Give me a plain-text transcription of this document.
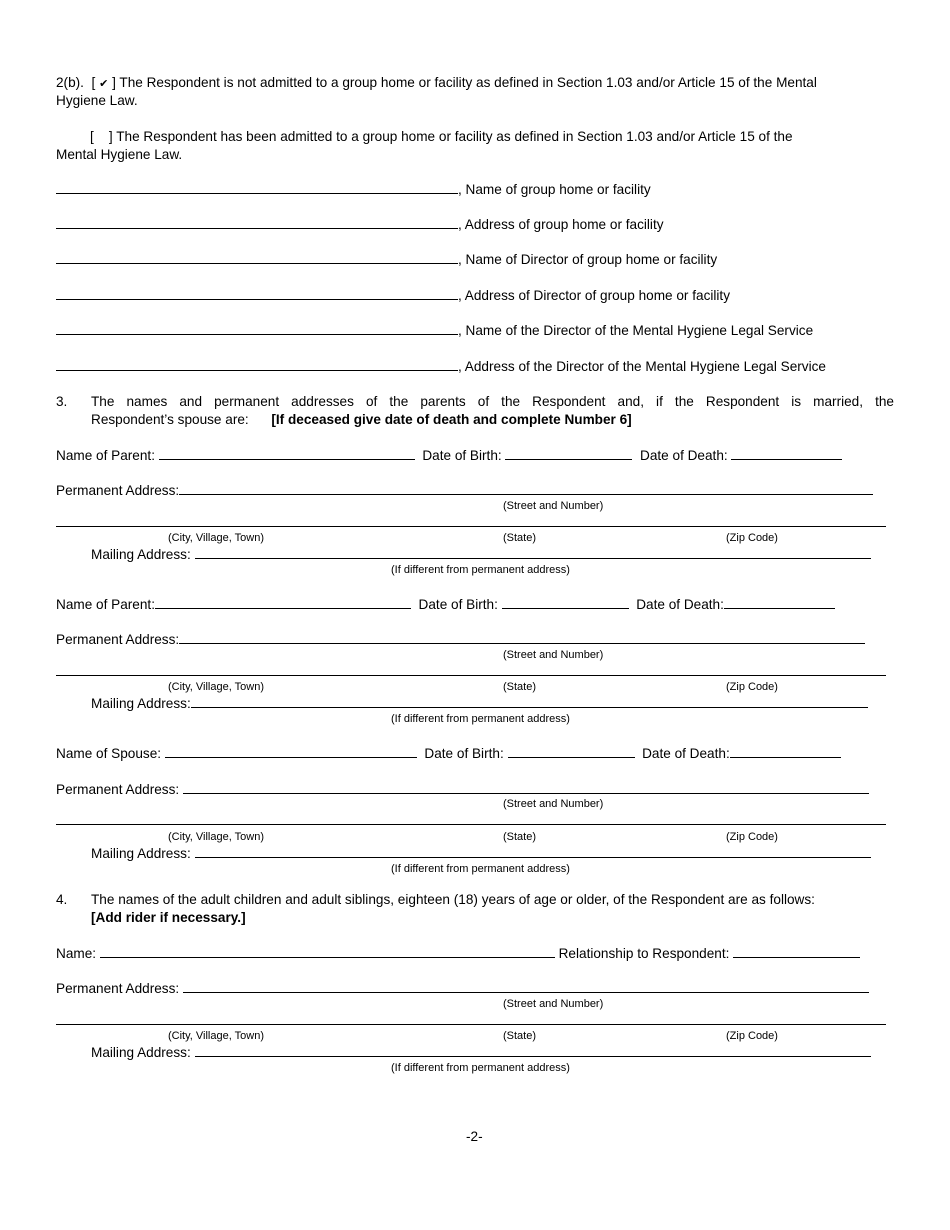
2(b). [ ✔ ] The Respondent is not admitted to a group home or facility as defined in Section 1.03 and/or Article 15 of the Mental
Hygiene Law.
[    ] The Respondent has been admitted to a group home or facility as defined in Section 1.03 and/or Article 15 of the
Mental Hygiene Law.
, Name of group home or facility
, Address of group home or facility
, Name of Director of group home or facility
, Address of Director of group home or facility
, Name of the Director of the Mental Hygiene Legal Service
, Address of the Director of the Mental Hygiene Legal Service
3. The names and permanent addresses of the parents of the Respondent and, if the Respondent is married, the
Respondent’s spouse are: [If deceased give date of death and complete Number 6]
Name of Parent:	Date of Birth:	Date of Death:
Permanent Address:
(Street and Number)
(City, Village, Town)	(State)	(Zip Code)
Mailing Address:
(If different from permanent address)
Name of Parent:	Date of Birth:	Date of Death:
Permanent Address:
(Street and Number)
(City, Village, Town)	(State)	(Zip Code)
Mailing Address:
(If different from permanent address)
Name of Spouse:	Date of Birth:	Date of Death:
Permanent Address:
(Street and Number)
(City, Village, Town)	(State)	(Zip Code)
Mailing Address:
(If different from permanent address)
4. The names of the adult children and adult siblings, eighteen (18) years of age or older, of the Respondent are as follows:
[Add rider if necessary.]
Name:	Relationship to Respondent:
Permanent Address:
(Street and Number)
(City, Village, Town)	(State)	(Zip Code)
Mailing Address:
(If different from permanent address)
-2-
